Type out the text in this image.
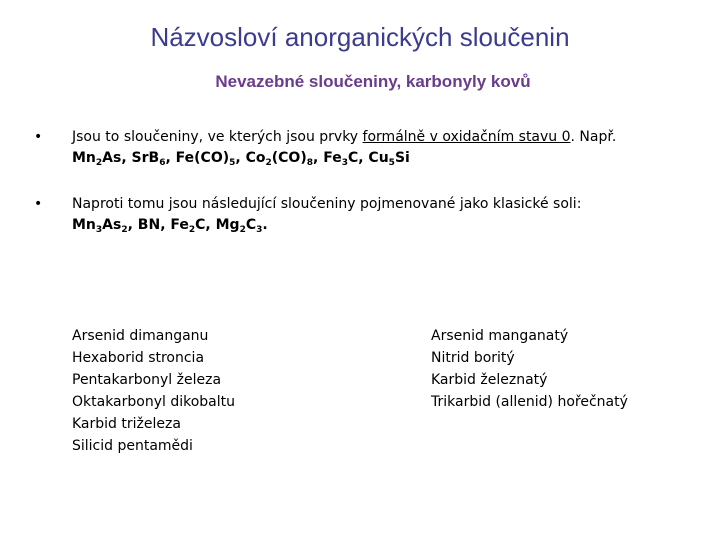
Názvosloví anorganických sloučenin
Nevazebné sloučeniny, karbonyly kovů
• Jsou to sloučeniny, ve kterých jsou prvky formálně v oxidačním stavu 0. Např.
$Mn_2As$, SrB$_6$, $Fe(CO)_5$, $Co_2(CO)_8$, $Fe_3C$, $Cu_5Si$
• Naproti tomu jsou následující sloučeniny pojmenované jako klasické soli:
$Mn_3As_2$, BN, $Fe_2C$, $Mg_2C_3$.
Arsenid dimanganu
Hexaborid stroncia
Pentakarbonyl železa
Oktakarbonyl dikobaltu
Karbid triželeza
Silicid pentamědi
Arsenid manganatý
Nitrid boritý
Karbid železnatý
Trikarbid (allenid) hořečnatý
